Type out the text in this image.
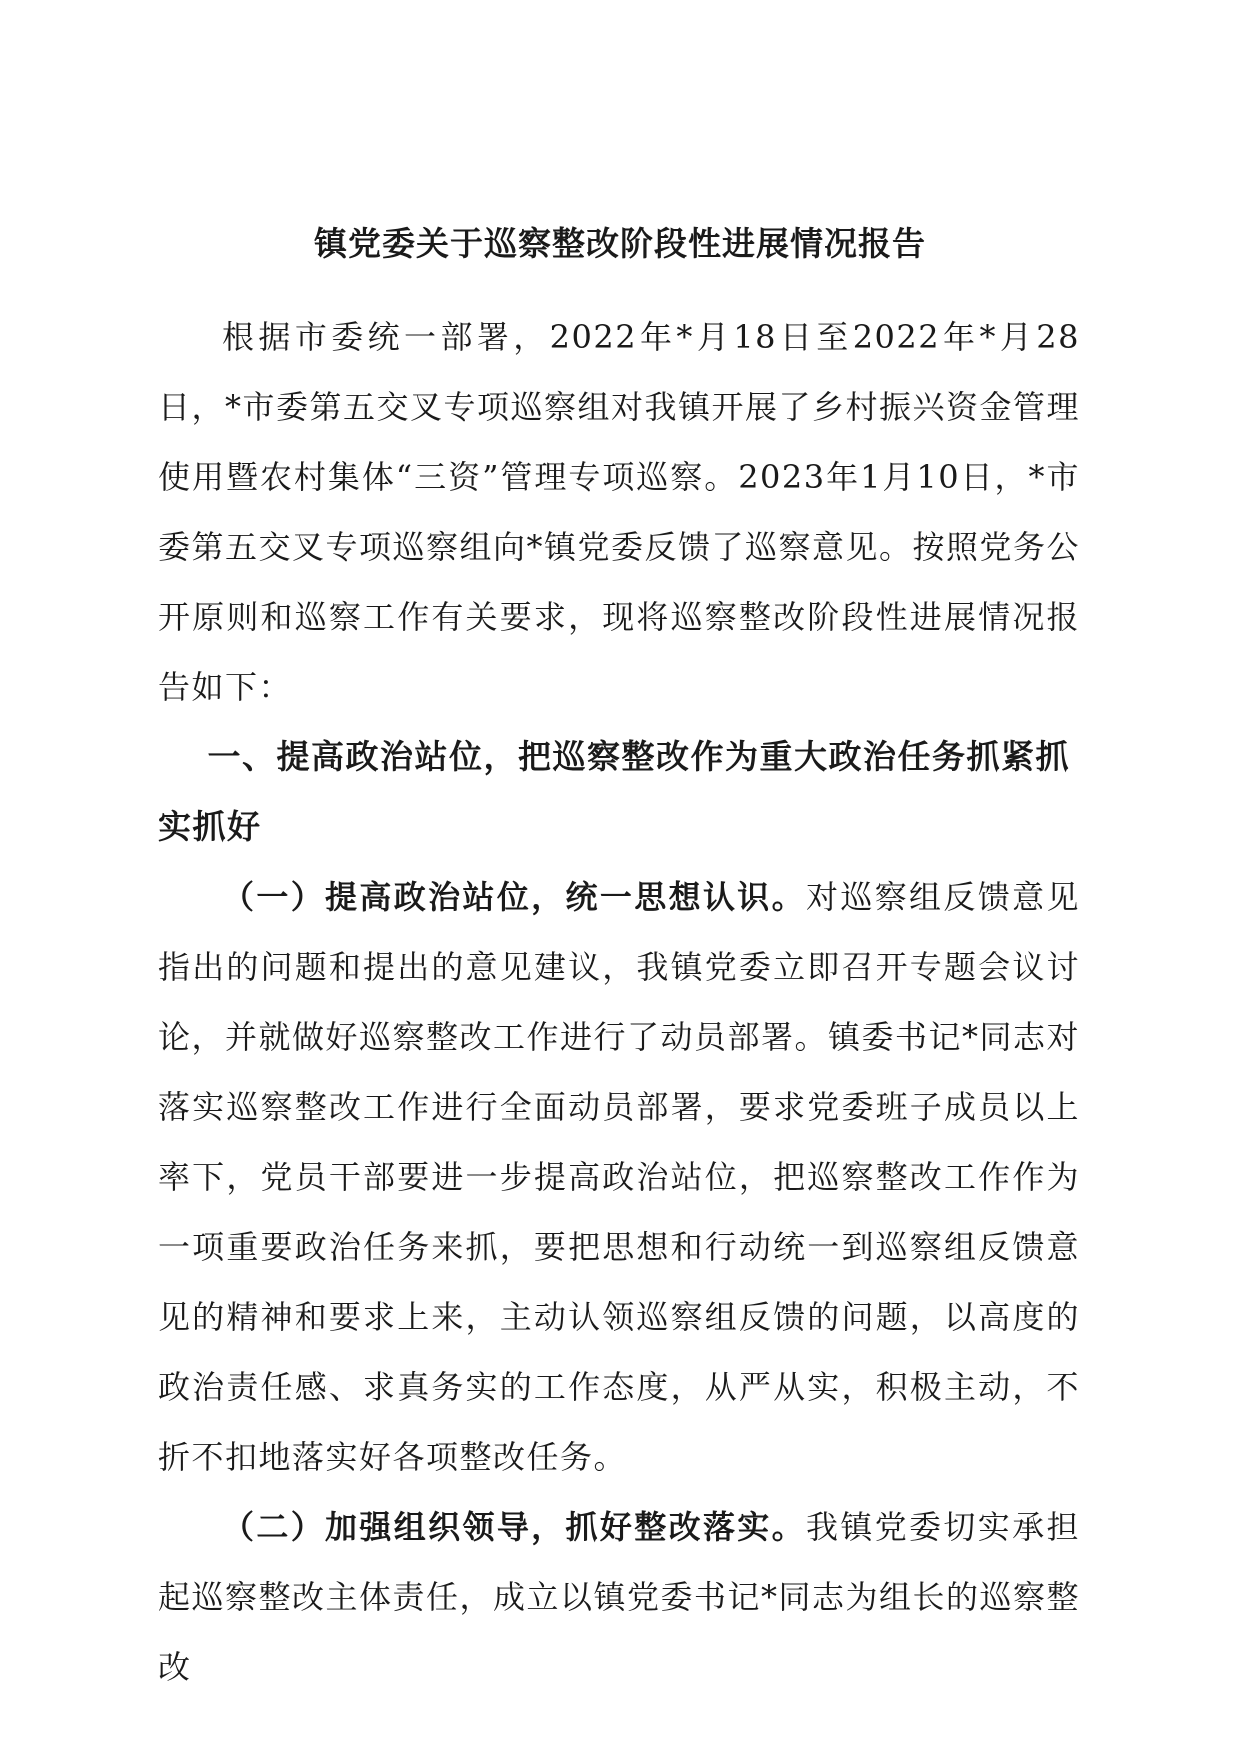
镇党委关于巡察整改阶段性进展情况报告

根据市委统一部署，2022年*月18日至2022年*月28日，*市委第五交叉专项巡察组对我镇开展了乡村振兴资金管理使用暨农村集体“三资”管理专项巡察。2023年1月10日，*市委第五交叉专项巡察组向*镇党委反馈了巡察意见。按照党务公开原则和巡察工作有关要求，现将巡察整改阶段性进展情况报告如下：

一、提高政治站位，把巡察整改作为重大政治任务抓紧抓实抓好

（一）提高政治站位，统一思想认识。对巡察组反馈意见指出的问题和提出的意见建议，我镇党委立即召开专题会议讨论，并就做好巡察整改工作进行了动员部署。镇委书记*同志对落实巡察整改工作进行全面动员部署，要求党委班子成员以上率下，党员干部要进一步提高政治站位，把巡察整改工作作为一项重要政治任务来抓，要把思想和行动统一到巡察组反馈意见的精神和要求上来，主动认领巡察组反馈的问题，以高度的政治责任感、求真务实的工作态度，从严从实，积极主动，不折不扣地落实好各项整改任务。

（二）加强组织领导，抓好整改落实。我镇党委切实承担起巡察整改主体责任，成立以镇党委书记*同志为组长的巡察整改
